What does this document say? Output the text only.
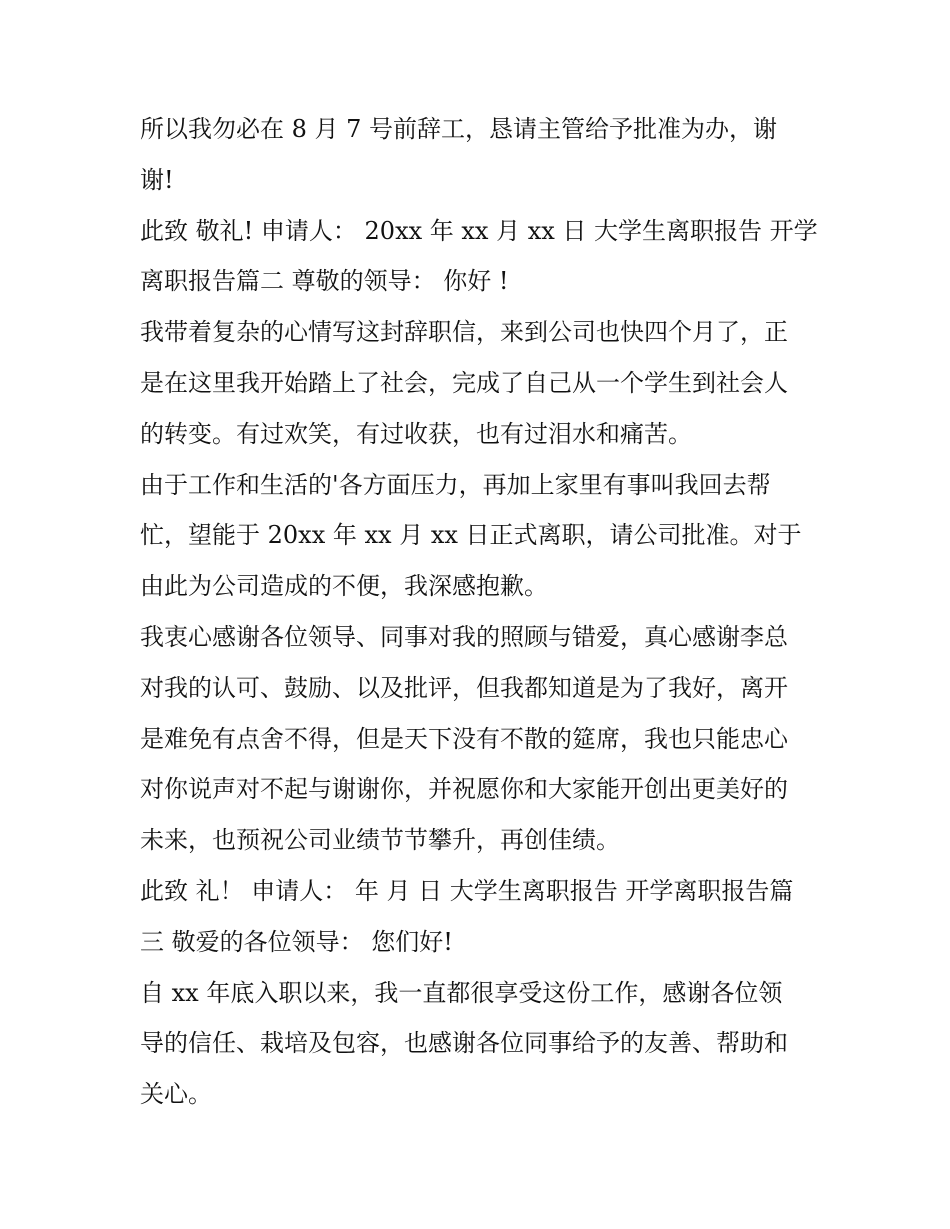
所以我勿必在 8 月 7 号前辞工，恳请主管给予批准为办，谢
谢!
此致 敬礼! 申请人： 20xx 年 xx 月 xx 日 大学生离职报告 开学
离职报告篇二 尊敬的领导： 你好 !
我带着复杂的心情写这封辞职信，来到公司也快四个月了，正
是在这里我开始踏上了社会，完成了自己从一个学生到社会人
的转变。有过欢笑，有过收获，也有过泪水和痛苦。
由于工作和生活的'各方面压力，再加上家里有事叫我回去帮
忙，望能于 20xx 年 xx 月 xx 日正式离职，请公司批准。对于
由此为公司造成的不便，我深感抱歉。
我衷心感谢各位领导、同事对我的照顾与错爱，真心感谢李总
对我的认可、鼓励、以及批评，但我都知道是为了我好，离开
是难免有点舍不得，但是天下没有不散的筵席，我也只能忠心
对你说声对不起与谢谢你，并祝愿你和大家能开创出更美好的
未来，也预祝公司业绩节节攀升，再创佳绩。
此致 礼！ 申请人： 年 月 日 大学生离职报告 开学离职报告篇
三 敬爱的各位领导： 您们好!
自 xx 年底入职以来，我一直都很享受这份工作，感谢各位领
导的信任、栽培及包容，也感谢各位同事给予的友善、帮助和
关心。
